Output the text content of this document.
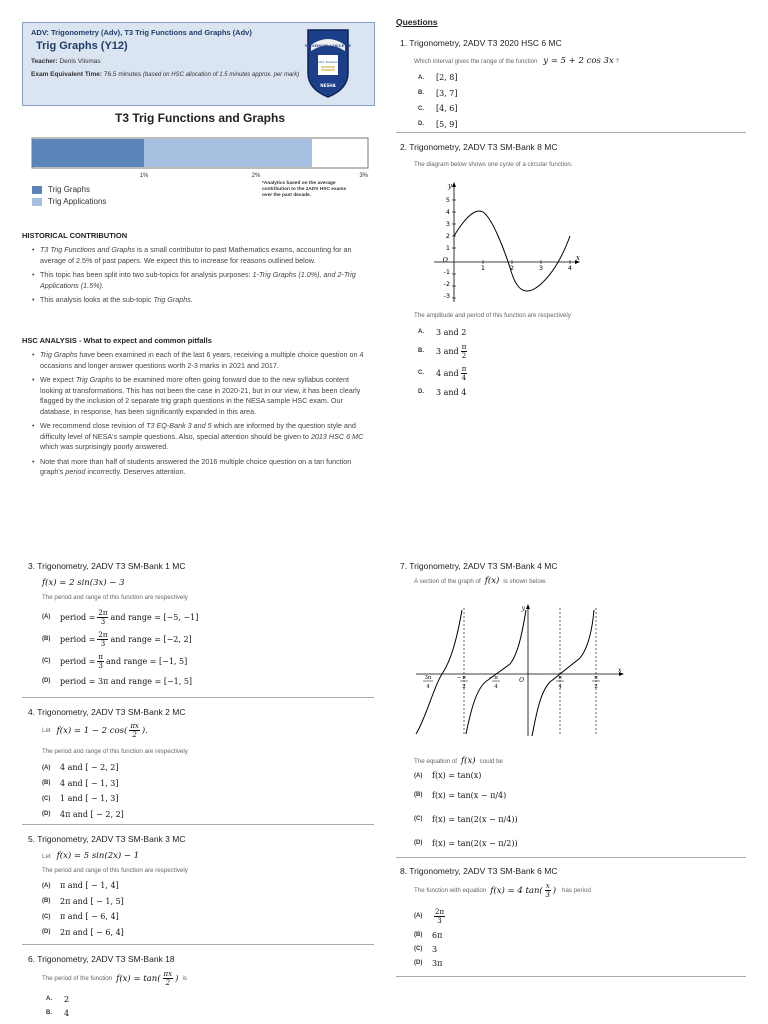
ADV: Trigonometry (Adv), T3 Trig Functions and Graphs (Adv)
Trig Graphs (Y12)
Teacher: Denis Vlismas
Exam Equivalent Time: 76.5 minutes (based on HSC allocation of 1.5 minutes approx. per mark)
WINDSOR COLLEGE
Tuition Excellence
NESHA
T3 Trig Functions and Graphs
1%	2%	3%
Trig Graphs
Trig Applications
*Analytics based on the average contribution to the 2ADV HSC exams over the past decade.
HISTORICAL CONTRIBUTION
• T3 Trig Functions and Graphs is a small contributor to past Mathematics exams, accounting for an average of 2.5% of past papers. We expect this to increase for reasons outlined below.
• This topic has been split into two sub-topics for analysis purposes: 1-Trig Graphs (1.0%), and 2-Trig Applications (1.5%).
• This analysis looks at the sub-topic Trig Graphs.
HSC ANALYSIS - What to expect and common pitfalls
• Trig Graphs have been examined in each of the last 6 years, receiving a multiple choice question on 4 occasions and longer answer questions worth 2-3 marks in 2021 and 2017.
• We expect Trig Graphs to be examined more often going forward due to the new syllabus content looking at transformations. This has not been the case in 2020-21, but in our view, it has been clearly flagged by the inclusion of 2 separate trig graph questions in the NESA sample HSC exam. Our database, in response, has been significantly expanded in this area.
• We recommend close revision of T3 EQ-Bank 3 and 5 which are informed by the question style and difficulty level of NESA's sample questions. Also, special attention should be given to 2013 HSC 6 MC which was surprisingly poorly answered.
• Note that more than half of students answered the 2016 multiple choice question on a tan function graph's period incorrectly. Deserves attention.
Questions
1. Trigonometry, 2ADV T3 2020 HSC 6 MC
Which interval gives the range of the function y = 5 + 2 cos 3x ?
A.	[2, 8]
B.	[3, 7]
C.	[4, 6]
D.	[5, 9]
2. Trigonometry, 2ADV T3 SM-Bank 8 MC
The diagram below shows one cycle of a circular function.
y
x
O
5
4
3
2
1
-1
-2
-3
1	2	3	4
The amplitude and period of this function are respectively
A.	3 and 2
B.	3 and $\frac{\pi}{2}$
C.	4 and $\frac{\pi}{4}$
D.	3 and 4
3. Trigonometry, 2ADV T3 SM-Bank 1 MC
f(x) = 2 sin(3x) − 3
The period and range of this function are respectively
(A)	period = $\frac{2\pi}{3}$ and range = [−5, −1]
(B)	period = $\frac{2\pi}{3}$ and range = [−2, 2]
(C)	period = $\frac{\pi}{3}$ and range = [−1, 5]
(D)	period = 3π and range = [−1, 5]
4. Trigonometry, 2ADV T3 SM-Bank 2 MC
Let f(x) = 1 − 2 $\cos( \frac{\pi x}{2}$ ).
The period and range of this function are respectively
(A)	4 and [ − 2, 2]
(B)	4 and [ − 1, 3]
(C)	1 and [ − 1, 3]
(D)	4π and [ − 2, 2]
5. Trigonometry, 2ADV T3 SM-Bank 3 MC
Let f(x) = 5 sin(2x) − 1
The period and range of this function are respectively
(A)	π and [ − 1, 4]
(B)	2π and [ − 1, 5]
(C)	π and [ − 6, 4]
(D)	2π and [ − 6, 4]
6. Trigonometry, 2ADV T3 SM-Bank 18
The period of the function $f(x) = \tan( \frac{\pi x}{2}$ ) is
A.	2
B.	4
7. Trigonometry, 2ADV T3 SM-Bank 4 MC
A section of the graph of f(x) is shown below.
y
x
O
3π
4
− π
2
− π
4
π
4
π
2
The equation of f(x) could be
(A)	f(x) = tan(x)
(B)	f(x) = tan(x − π/4)
(C)	f(x) = tan(2(x − π/4))
(D)	f(x) = tan(2(x − π/2))
8. Trigonometry, 2ADV T3 SM-Bank 6 MC
The function with equation f(x) = 4 $\tan( \frac{x}{3}$ ) has period
(A)	$\frac{2\pi}{3}$
(B)	6π
(C)	3
(D)	3π
